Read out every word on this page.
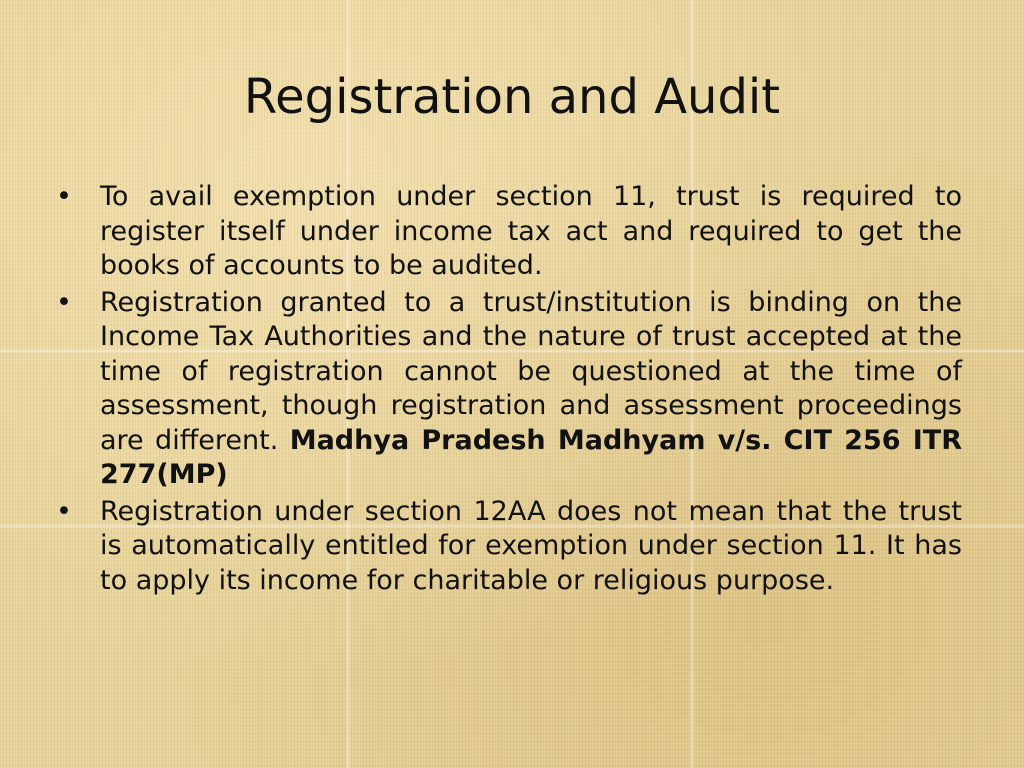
Registration and Audit
• To avail exemption under section 11, trust is required to register itself under income tax act and required to get the books of accounts to be audited.
• Registration granted to a trust/institution is binding on the Income Tax Authorities and the nature of trust accepted at the time of registration cannot be questioned at the time of assessment, though registration and assessment proceedings are different. Madhya Pradesh Madhyam v/s. CIT 256 ITR 277(MP)
• Registration under section 12AA does not mean that the trust is automatically entitled for exemption under section 11. It has to apply its income for charitable or religious purpose.
